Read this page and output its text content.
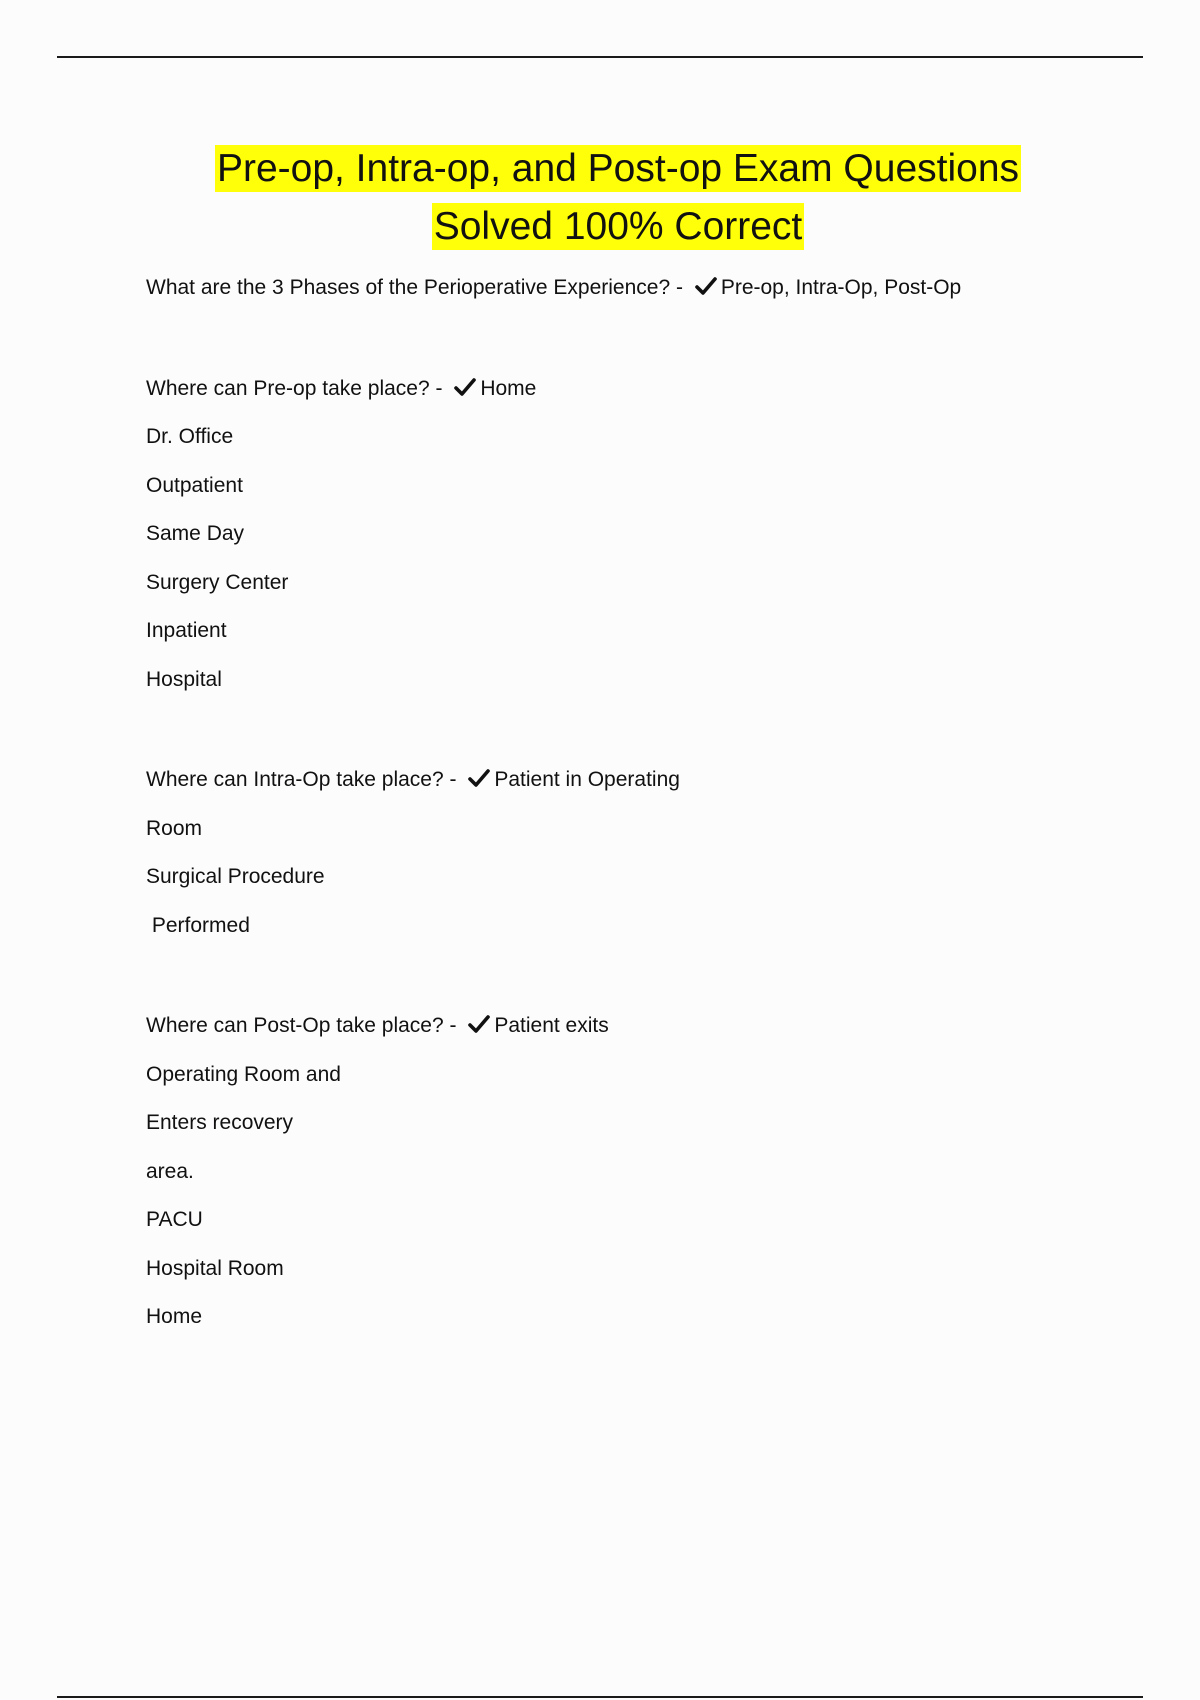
Pre-op, Intra-op, and Post-op Exam Questions
Solved 100% Correct
What are the 3 Phases of the Perioperative Experience? -
Pre-op, Intra-Op, Post-Op
Where can Pre-op take place? -
Home
Dr. Office
Outpatient
Same Day
Surgery Center
Inpatient
Hospital
Where can Intra-Op take place? -
Patient in Operating
Room
Surgical Procedure
Performed
Where can Post-Op take place? -
Patient exits
Operating Room and
Enters recovery
area.
PACU
Hospital Room
Home
